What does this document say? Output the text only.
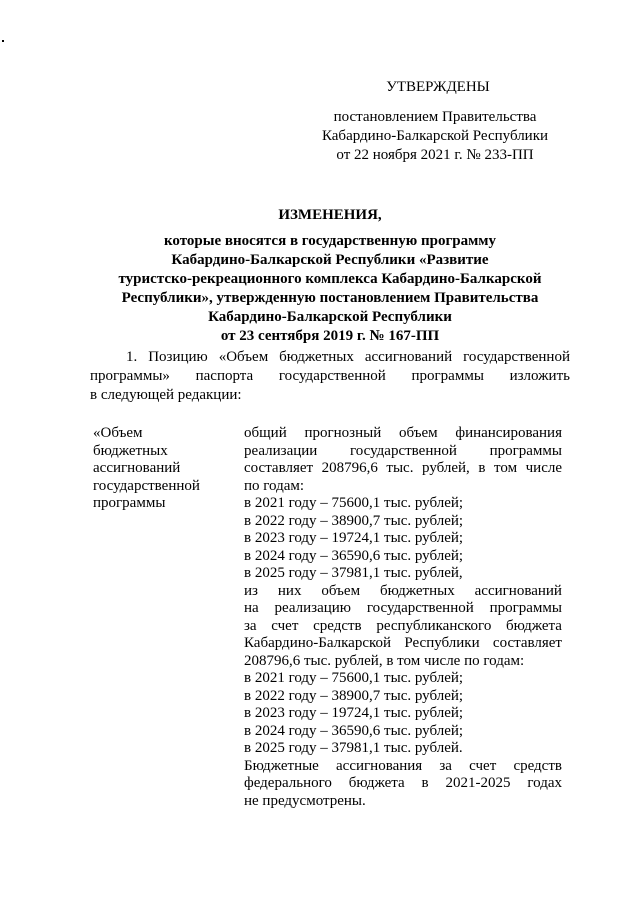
УТВЕРЖДЕНЫ
постановлением Правительства
Кабардино-Балкарской Республики
от 22 ноября 2021 г. № 233-ПП
ИЗМЕНЕНИЯ,
которые вносятся в государственную программу
Кабардино-Балкарской Республики «Развитие
туристско-рекреационного комплекса Кабардино-Балкарской
Республики», утвержденную постановлением Правительства
Кабардино-Балкарской Республики
от 23 сентября 2019 г. № 167-ПП
1. Позицию «Объем бюджетных ассигнований государственной
программы» паспорта государственной программы изложить
в следующей редакции:
«Объем
бюджетных
ассигнований
государственной
программы
общий прогнозный объем финансирования
реализации государственной программы
составляет 208796,6 тыс. рублей, в том числе
по годам:
в 2021 году – 75600,1 тыс. рублей;
в 2022 году – 38900,7 тыс. рублей;
в 2023 году – 19724,1 тыс. рублей;
в 2024 году – 36590,6 тыс. рублей;
в 2025 году – 37981,1 тыс. рублей,
из них объем бюджетных ассигнований
на реализацию государственной программы
за счет средств республиканского бюджета
Кабардино-Балкарской Республики составляет
208796,6 тыс. рублей, в том числе по годам:
в 2021 году – 75600,1 тыс. рублей;
в 2022 году – 38900,7 тыс. рублей;
в 2023 году – 19724,1 тыс. рублей;
в 2024 году – 36590,6 тыс. рублей;
в 2025 году – 37981,1 тыс. рублей.
Бюджетные ассигнования за счет средств
федерального бюджета в 2021-2025 годах
не предусмотрены.
